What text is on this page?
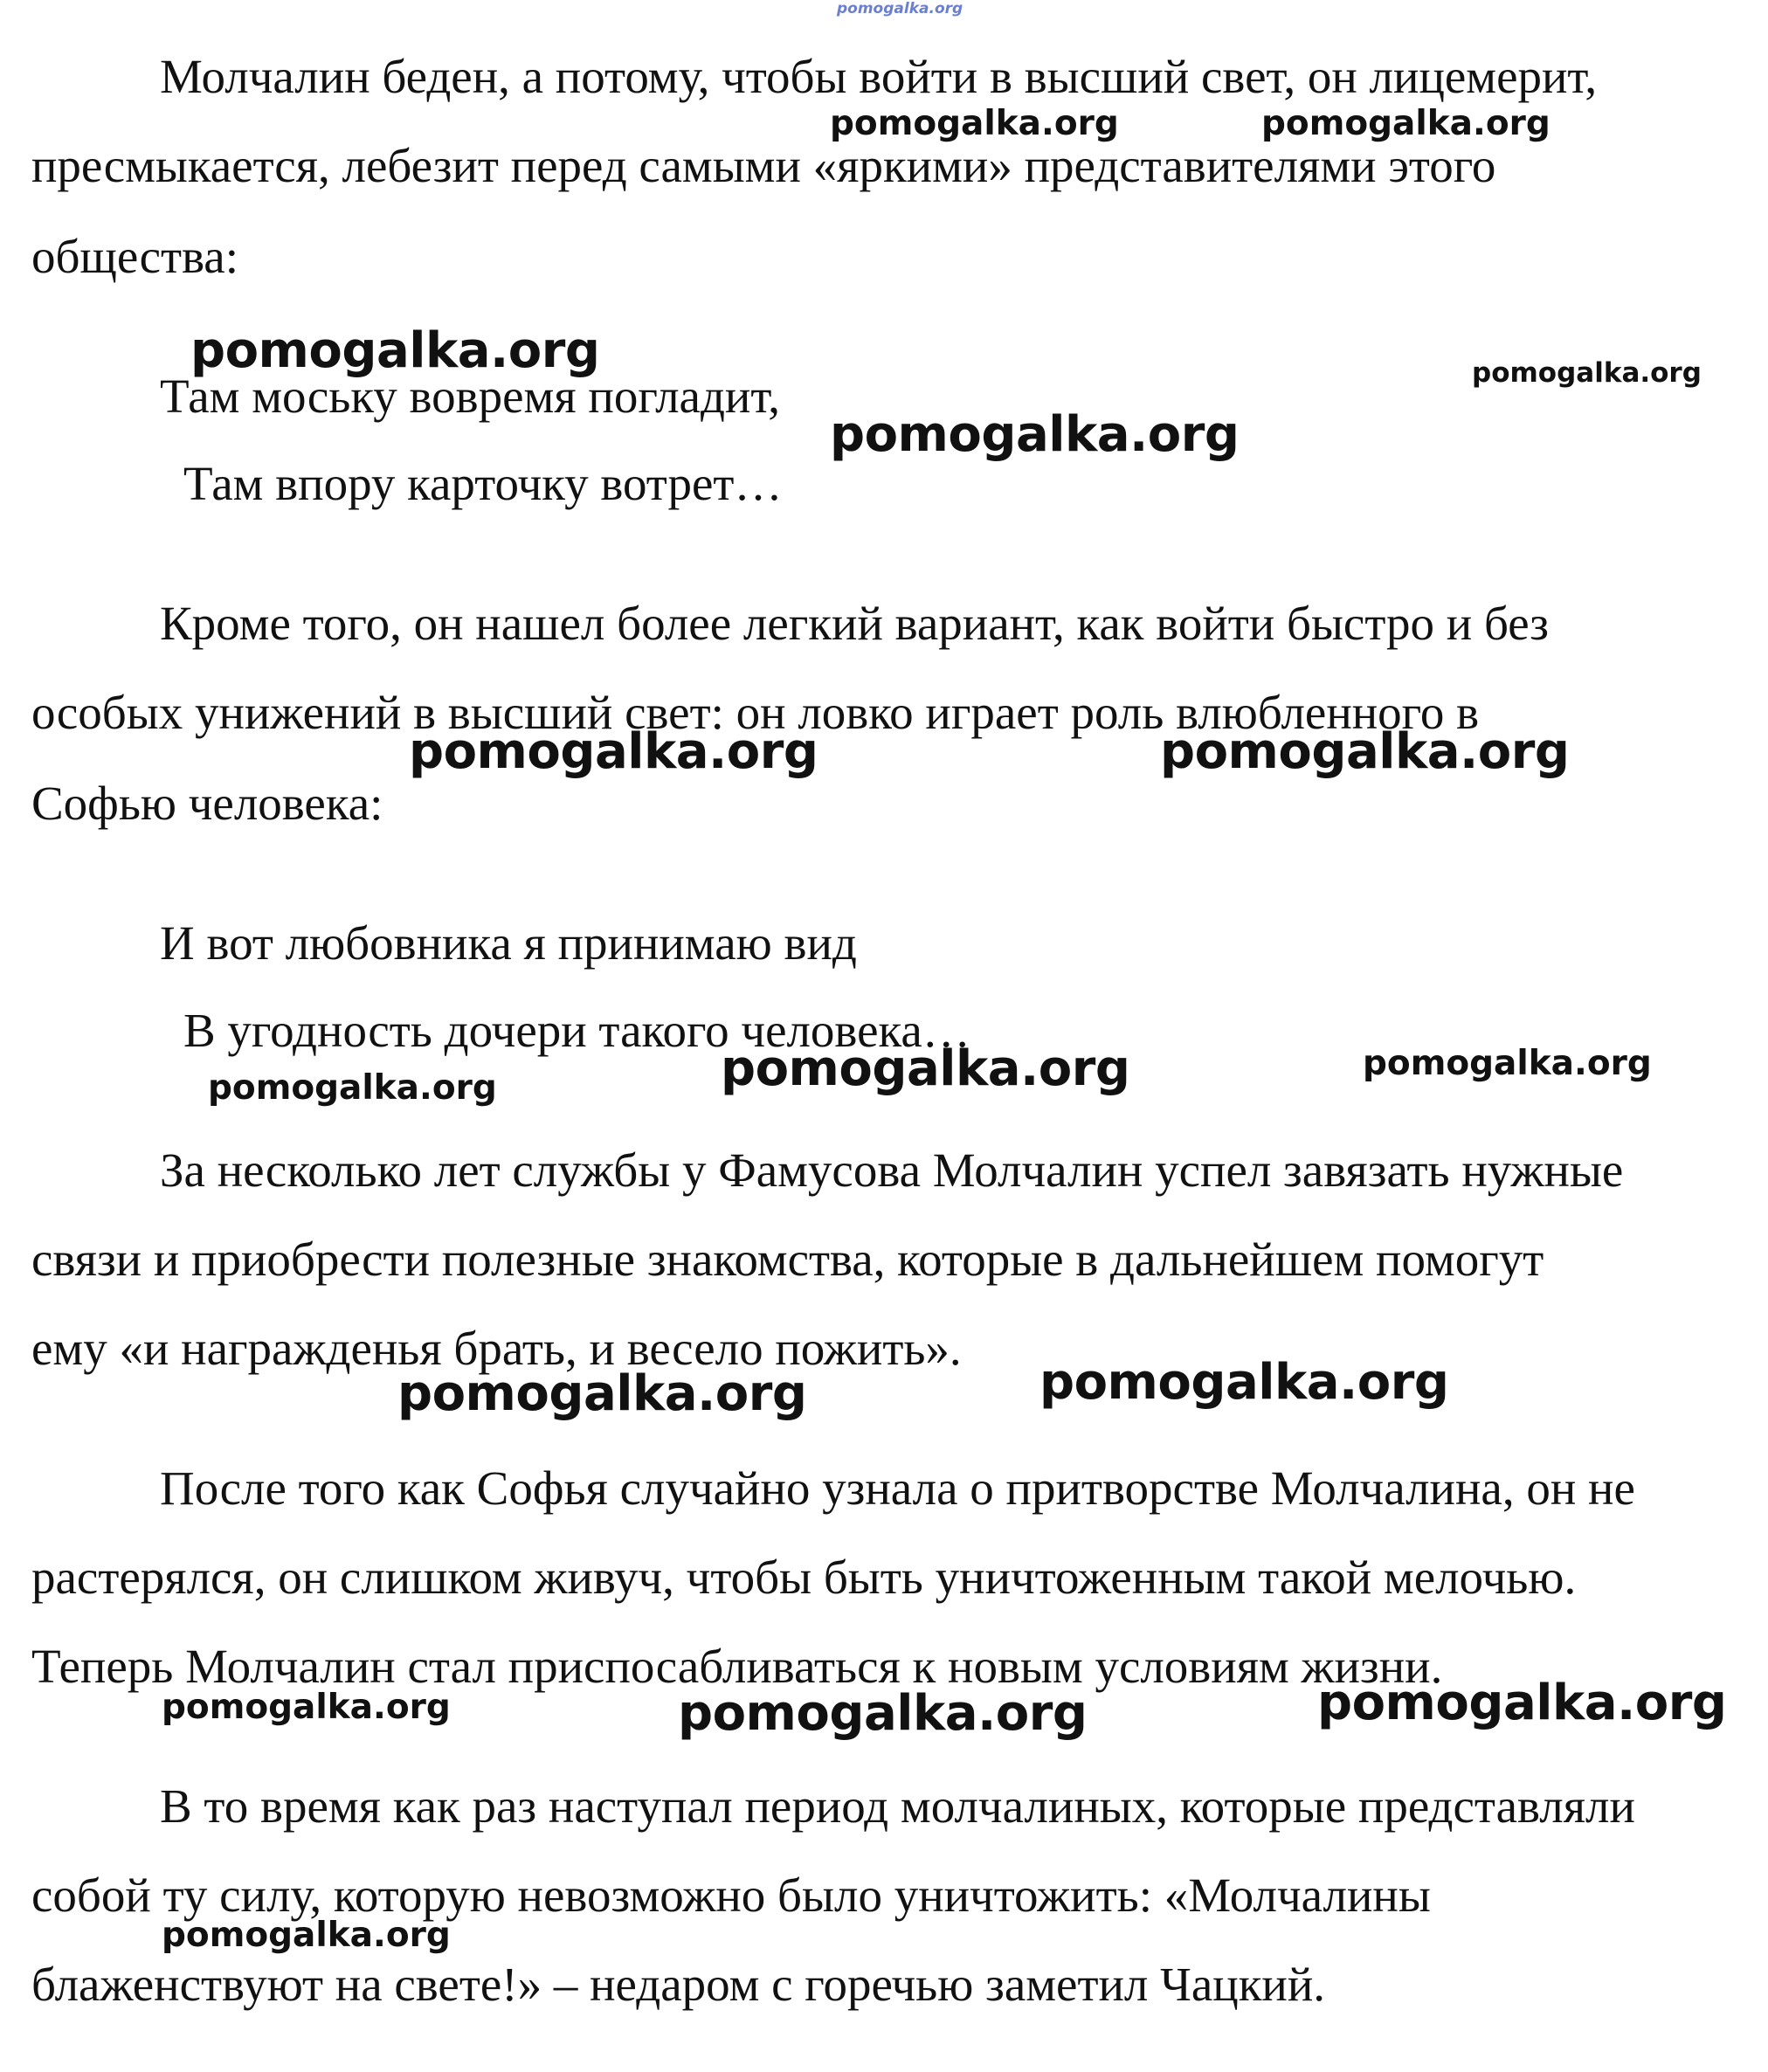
pomogalka.org

Молчалин беден, а потому, чтобы войти в высший свет, он лицемерит,

пресмыкается, лебезит перед самыми «яркими» представителями этого

общества:

Там моську вовремя погладит,

Там впору карточку вотрет…

Кроме того, он нашел более легкий вариант, как войти быстро и без

особых унижений в высший свет: он ловко играет роль влюбленного в

Софью человека:

И вот любовника я принимаю вид

В угодность дочери такого человека…

За несколько лет службы у Фамусова Молчалин успел завязать нужные

связи и приобрести полезные знакомства, которые в дальнейшем помогут

ему «и награжденья брать, и весело пожить».

После того как Софья случайно узнала о притворстве Молчалина, он не

растерялся, он слишком живуч, чтобы быть уничтоженным такой мелочью.

Теперь Молчалин стал приспосабливаться к новым условиям жизни.

В то время как раз наступал период молчалиных, которые представляли

собой ту силу, которую невозможно было уничтожить: «Молчалины

блаженствуют на свете!» – недаром с горечью заметил Чацкий.

pomogalka.org	pomogalka.org
pomogalka.org	pomogalka.org
pomogalka.org
pomogalka.org	pomogalka.org
pomogalka.org	pomogalka.org
pomogalka.org
pomogalka.org	pomogalka.org
pomogalka.org	pomogalka.org	pomogalka.org
pomogalka.org
